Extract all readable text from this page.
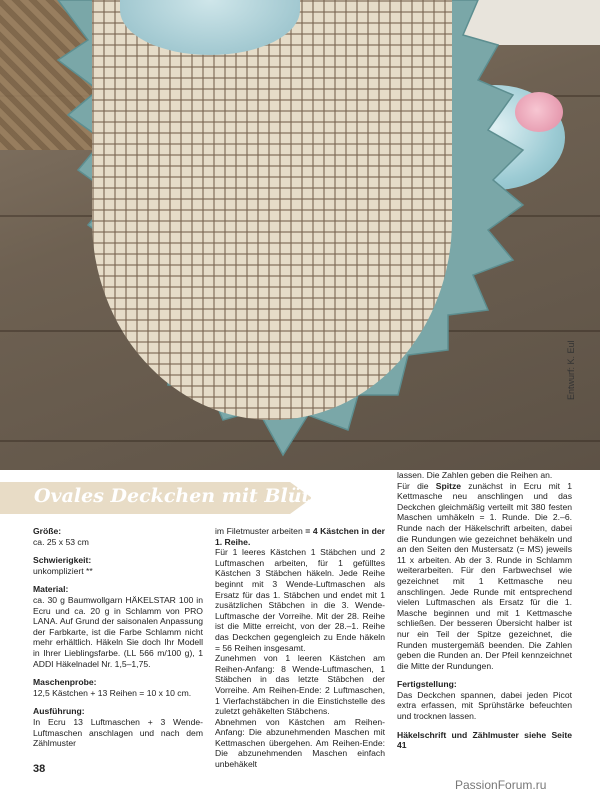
Entwurf: K. Eul
Ovales Deckchen mit Blüten

Größe:

ca. 25 x 53 cm

Schwierigkeit:

unkompliziert **

Material:

ca. 30 g Baumwollgarn HÄKELSTAR 100 in Ecru und ca. 20 g in Schlamm von PRO LANA. Auf Grund der saisonalen Anpassung der Farbkarte, ist die Farbe Schlamm nicht mehr erhältlich. Häkeln Sie doch Ihr Modell in Ihrer Lieblingsfarbe. (LL 566 m/100 g), 1 ADDI Häkelnadel Nr. 1,5–1,75.

Maschenprobe:

12,5 Kästchen + 13 Reihen = 10 x 10 cm.

Ausführung:

In Ecru 13 Luftmaschen + 3 Wende-Luftmaschen anschlagen und nach dem Zählmuster

im Filetmuster arbeiten = 4 Kästchen in der 1. Reihe.

Für 1 leeres Kästchen 1 Stäbchen und 2 Luftmaschen arbeiten, für 1 gefülltes Kästchen 3 Stäbchen häkeln. Jede Reihe beginnt mit 3 Wende-Luftmaschen als Ersatz für das 1. Stäbchen und endet mit 1 zusätzlichen Stäbchen in die 3. Wende-Luftmasche der Vorreihe. Mit der 28. Reihe ist die Mitte erreicht, von der 28.–1. Reihe das Deckchen gegengleich zu Ende häkeln = 56 Reihen insgesamt.

Zunehmen von 1 leeren Kästchen am Reihen-Anfang: 8 Wende-Luftmaschen, 1 Stäbchen in das letzte Stäbchen der Vorreihe. Am Reihen-Ende: 2 Luftmaschen, 1 Vierfachstäbchen in die Einstichstelle des zuletzt gehäkelten Stäbchens.

Abnehmen von Kästchen am Reihen-Anfang: Die abzunehmenden Maschen mit Kettmaschen übergehen. Am Reihen-Ende: Die abzunehmenden Maschen einfach unbehäkelt

lassen. Die Zahlen geben die Reihen an.

Für die Spitze zunächst in Ecru mit 1 Kettmasche neu anschlingen und das Deckchen gleichmäßig verteilt mit 380 festen Maschen umhäkeln = 1. Runde. Die 2.–6. Runde nach der Häkelschrift arbeiten, dabei die Rundungen wie gezeichnet behäkeln und an den Seiten den Mustersatz (= MS) jeweils 11 x arbeiten. Ab der 3. Runde in Schlamm weiterarbeiten. Für den Farbwechsel wie gezeichnet mit 1 Kettmasche neu anschlingen. Jede Runde mit entsprechend vielen Luftmaschen als Ersatz für die 1. Masche beginnen und mit 1 Kettmasche schließen. Der besseren Übersicht halber ist nur ein Teil der Spitze gezeichnet, die Runden mustergemäß beenden. Die Zahlen geben die Runden an. Der Pfeil kennzeichnet die Mitte der Rundungen.

Fertigstellung:

Das Deckchen spannen, dabei jeden Picot extra erfassen, mit Sprühstärke befeuchten und trocknen lassen.

Häkelschrift und Zählmuster siehe Seite 41

38
PassionForum.ru
